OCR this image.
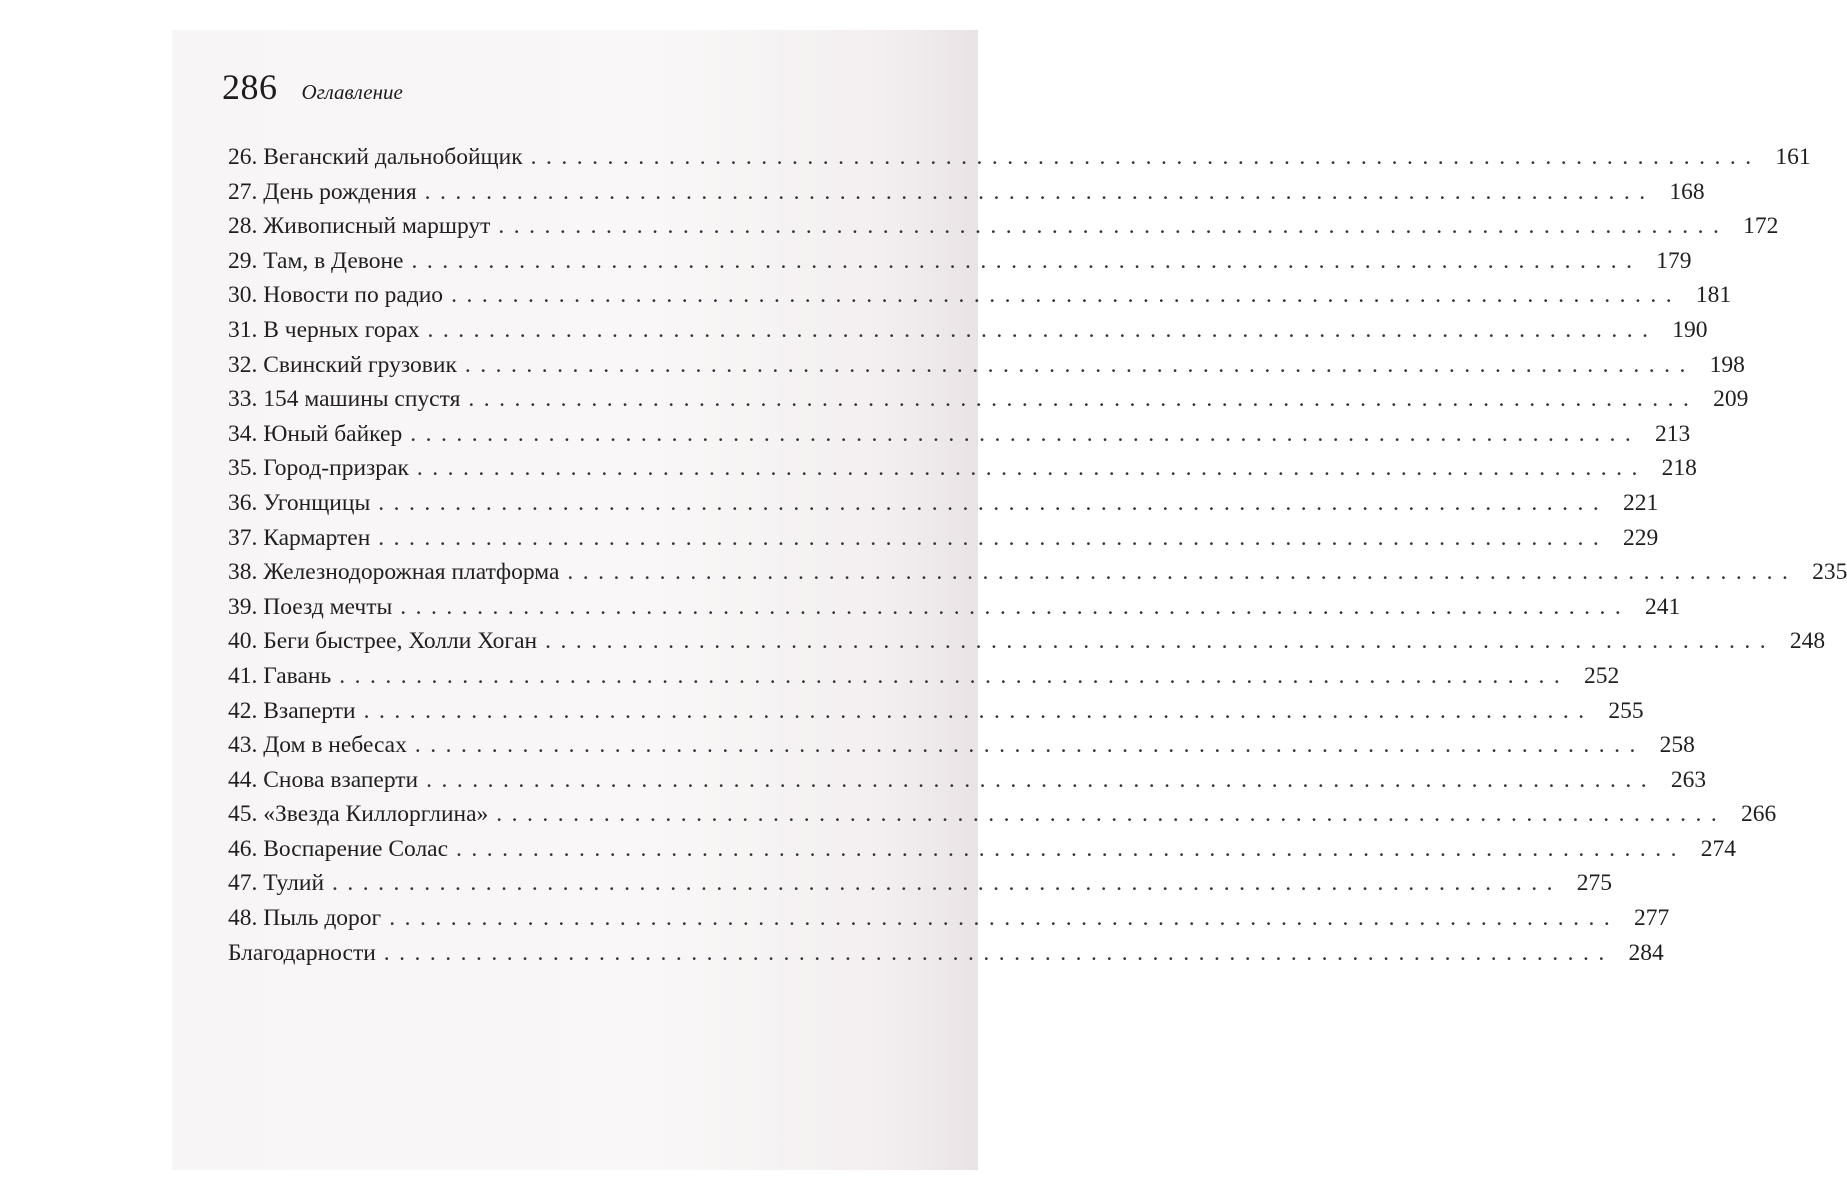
286 Оглавление
26. Веганский дальнобойщик ................................................................................ 161
27. День рождения ................................................................................ 168
28. Живописный маршрут ................................................................................ 172
29. Там, в Девоне ................................................................................ 179
30. Новости по радио ................................................................................ 181
31. В черных горах ................................................................................ 190
32. Свинский грузовик ................................................................................ 198
33. 154 машины спустя ................................................................................ 209
34. Юный байкер ................................................................................ 213
35. Город-призрак ................................................................................ 218
36. Угонщицы ................................................................................ 221
37. Кармартен ................................................................................ 229
38. Железнодорожная платформа ................................................................................ 235
39. Поезд мечты ................................................................................ 241
40. Беги быстрее, Холли Хоган ................................................................................ 248
41. Гавань ................................................................................ 252
42. Взаперти ................................................................................ 255
43. Дом в небесах ................................................................................ 258
44. Снова взаперти ................................................................................ 263
45. «Звезда Киллорглина» ................................................................................ 266
46. Воспарение Солас ................................................................................ 274
47. Тулий ................................................................................ 275
48. Пыль дорог ................................................................................ 277
Благодарности ................................................................................ 284
